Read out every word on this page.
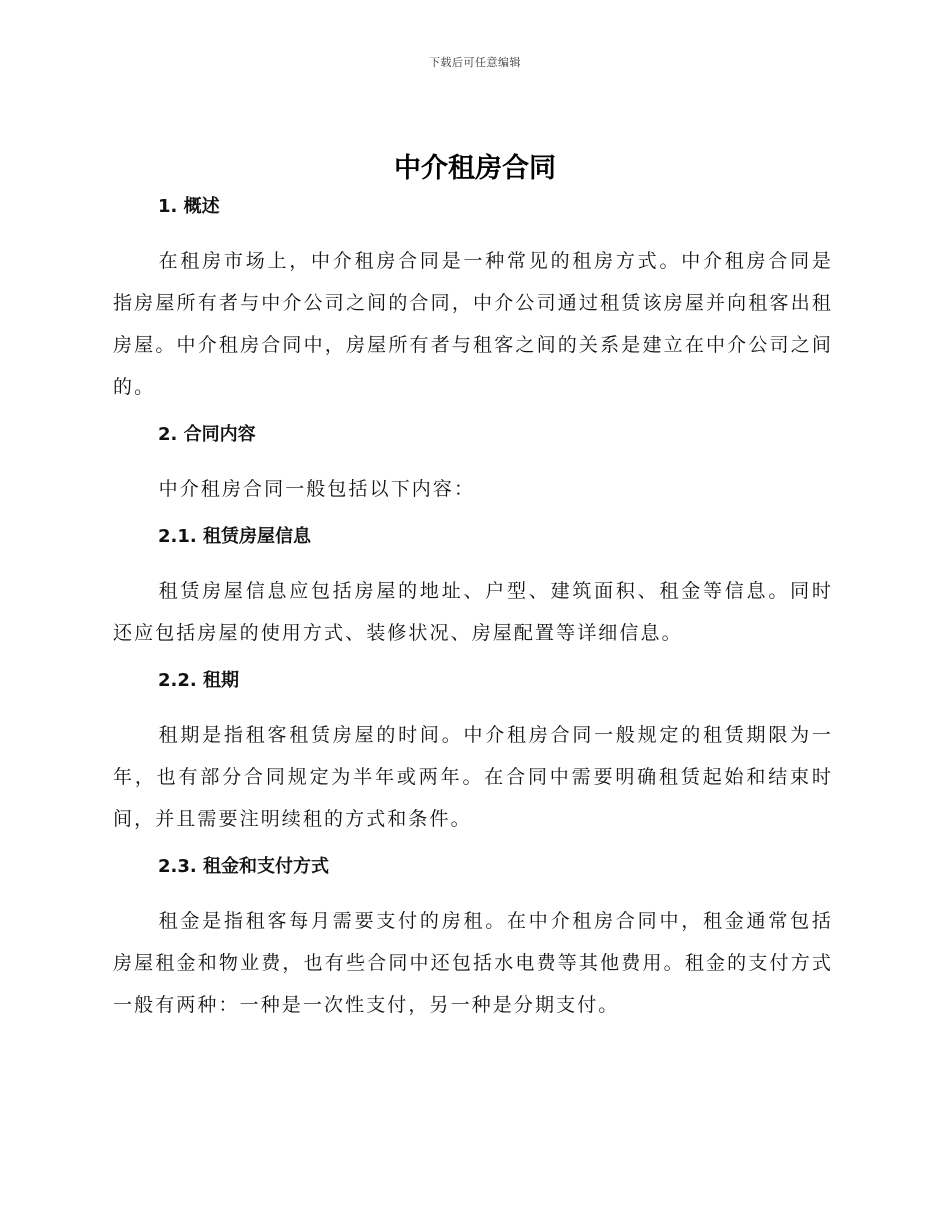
下载后可任意编辑
中介租房合同
1. 概述

在租房市场上，中介租房合同是一种常见的租房方式。中介租房合同是指房屋所有者与中介公司之间的合同，中介公司通过租赁该房屋并向租客出租房屋。中介租房合同中，房屋所有者与租客之间的关系是建立在中介公司之间的。

2. 合同内容

中介租房合同一般包括以下内容：

2.1. 租赁房屋信息

租赁房屋信息应包括房屋的地址、户型、建筑面积、租金等信息。同时还应包括房屋的使用方式、装修状况、房屋配置等详细信息。

2.2. 租期

租期是指租客租赁房屋的时间。中介租房合同一般规定的租赁期限为一年，也有部分合同规定为半年或两年。在合同中需要明确租赁起始和结束时间，并且需要注明续租的方式和条件。

2.3. 租金和支付方式

租金是指租客每月需要支付的房租。在中介租房合同中，租金通常包括房屋租金和物业费，也有些合同中还包括水电费等其他费用。租金的支付方式一般有两种：一种是一次性支付，另一种是分期支付。
